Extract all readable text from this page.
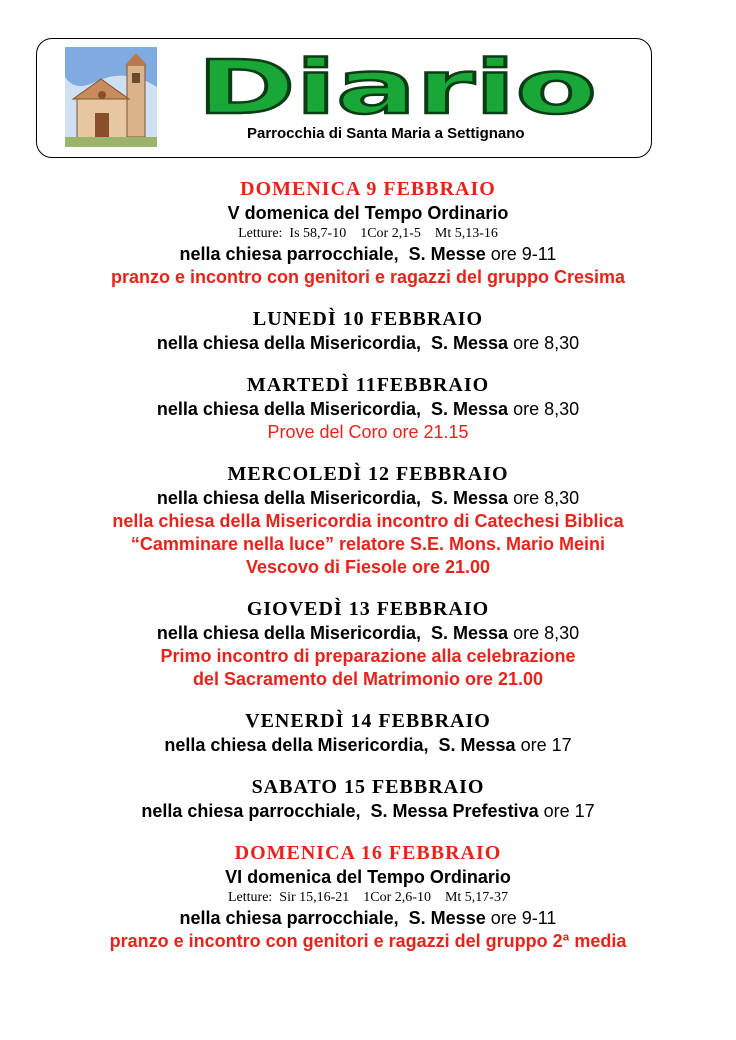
Diario
Parrocchia di Santa Maria a Settignano

DOMENICA 9 FEBBRAIO

V domenica del Tempo Ordinario

Letture:  Is 58,7-10    1Cor 2,1-5    Mt 5,13-16

nella chiesa parrocchiale, S. Messe ore 9-11

pranzo e incontro con genitori e ragazzi del gruppo Cresima

LUNEDÌ 10 FEBBRAIO

nella chiesa della Misericordia, S. Messa ore 8,30

MARTEDÌ 11FEBBRAIO

nella chiesa della Misericordia, S. Messa ore 8,30

Prove del Coro ore 21.15

MERCOLEDÌ 12 FEBBRAIO

nella chiesa della Misericordia, S. Messa ore 8,30

nella chiesa della Misericordia incontro di Catechesi Biblica

“Camminare nella luce” relatore S.E. Mons. Mario Meini

Vescovo di Fiesole ore 21.00

GIOVEDÌ 13 FEBBRAIO

nella chiesa della Misericordia, S. Messa ore 8,30

Primo incontro di preparazione alla celebrazione

del Sacramento del Matrimonio ore 21.00

VENERDÌ 14 FEBBRAIO

nella chiesa della Misericordia, S. Messa ore 17

SABATO 15 FEBBRAIO

nella chiesa parrocchiale, S. Messa Prefestiva ore 17

DOMENICA 16 FEBBRAIO

VI domenica del Tempo Ordinario

Letture:  Sir 15,16-21    1Cor 2,6-10    Mt 5,17-37

nella chiesa parrocchiale, S. Messe ore 9-11

pranzo e incontro con genitori e ragazzi del gruppo 2ª media
